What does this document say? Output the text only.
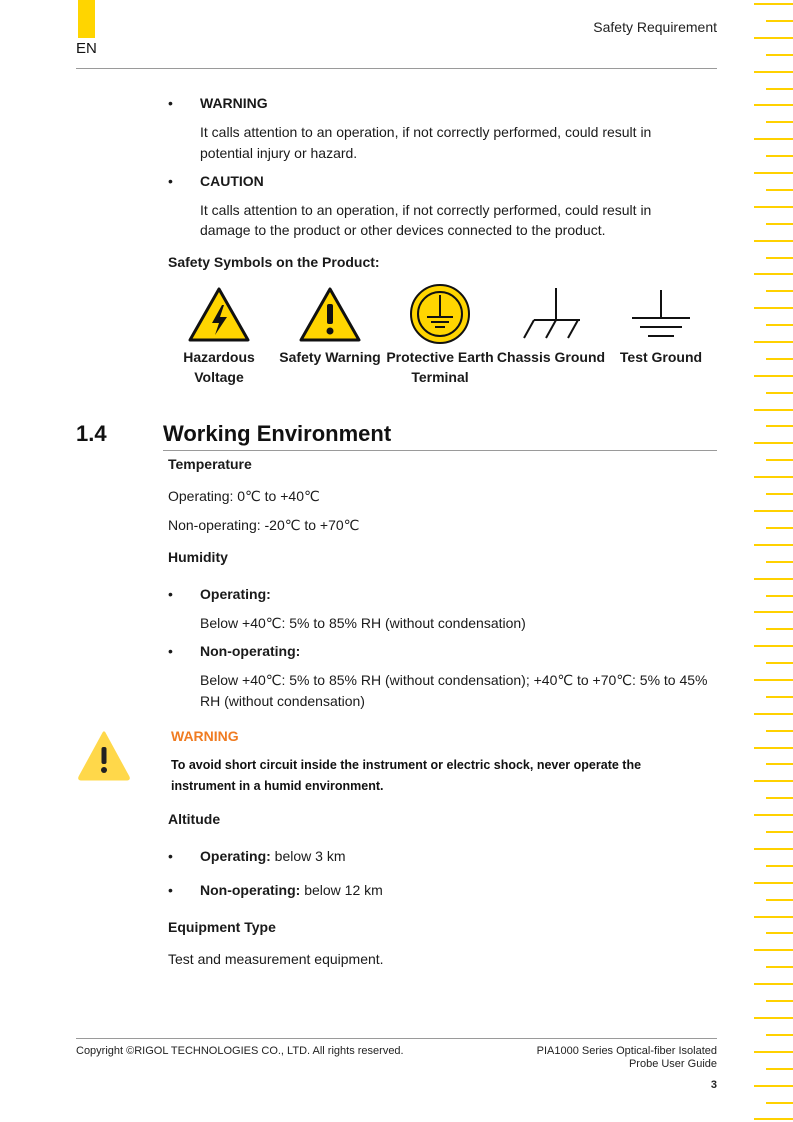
EN
Safety Requirement
• WARNING
It calls attention to an operation, if not correctly performed, could result in
potential injury or hazard.
• CAUTION
It calls attention to an operation, if not correctly performed, could result in
damage to the product or other devices connected to the product.
Safety Symbols on the Product:
Hazardous
Voltage
Safety Warning Protective Earth
Terminal
Chassis Ground	Test Ground
1.4	Working Environment
Temperature
Operating: 0℃ to +40℃
Non-operating: -20℃ to +70℃
Humidity
• Operating:
Below +40℃: 5% to 85% RH (without condensation)
• Non-operating:
Below +40℃: 5% to 85% RH (without condensation); +40℃ to +70℃: 5% to 45%
RH (without condensation)
WARNING
To avoid short circuit inside the instrument or electric shock, never operate the
instrument in a humid environment.
Altitude
• Operating: below 3 km
• Non-operating: below 12 km
Equipment Type
Test and measurement equipment.
Copyright ©RIGOL TECHNOLOGIES CO., LTD. All rights reserved.	PIA1000 Series Optical-fiber Isolated
Probe User Guide
3
